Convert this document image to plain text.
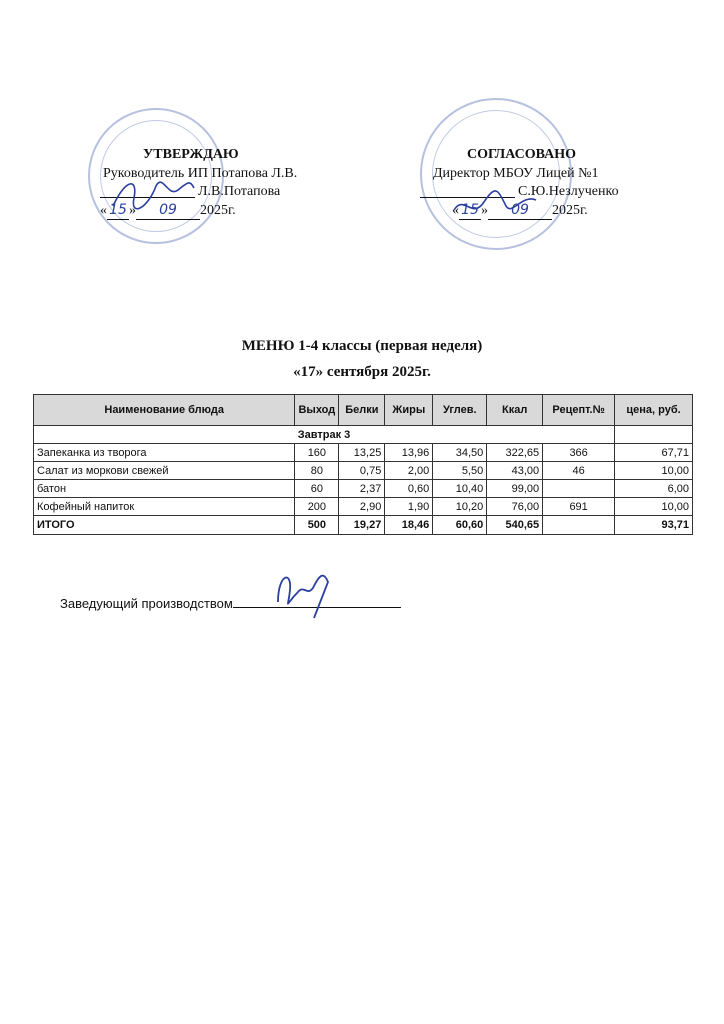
УТВЕРЖДАЮ
Руководитель ИП Потапова Л.В.
Л.В.Потапова
« 15 » 09 2025г.
СОГЛАСОВАНО
Директор МБОУ Лицей №1
С.Ю.Незлученко
« 15 » 09 2025г.
МЕНЮ 1-4 классы (первая неделя)
«17» сентября 2025г.
Наименование блюда	Выход	Белки	Жиры	Углев.	Ккал	Рецепт.№	цена, руб.
Завтрак 3							
Запеканка из творога	160	13,25	13,96	34,50	322,65	366	67,71
Салат из моркови свежей	80	0,75	2,00	5,50	43,00	46	10,00
батон	60	2,37	0,60	10,40	99,00		6,00
Кофейный напиток	200	2,90	1,90	10,20	76,00	691	10,00
ИТОГО	500	19,27	18,46	60,60	540,65		93,71
Заведующий производством
